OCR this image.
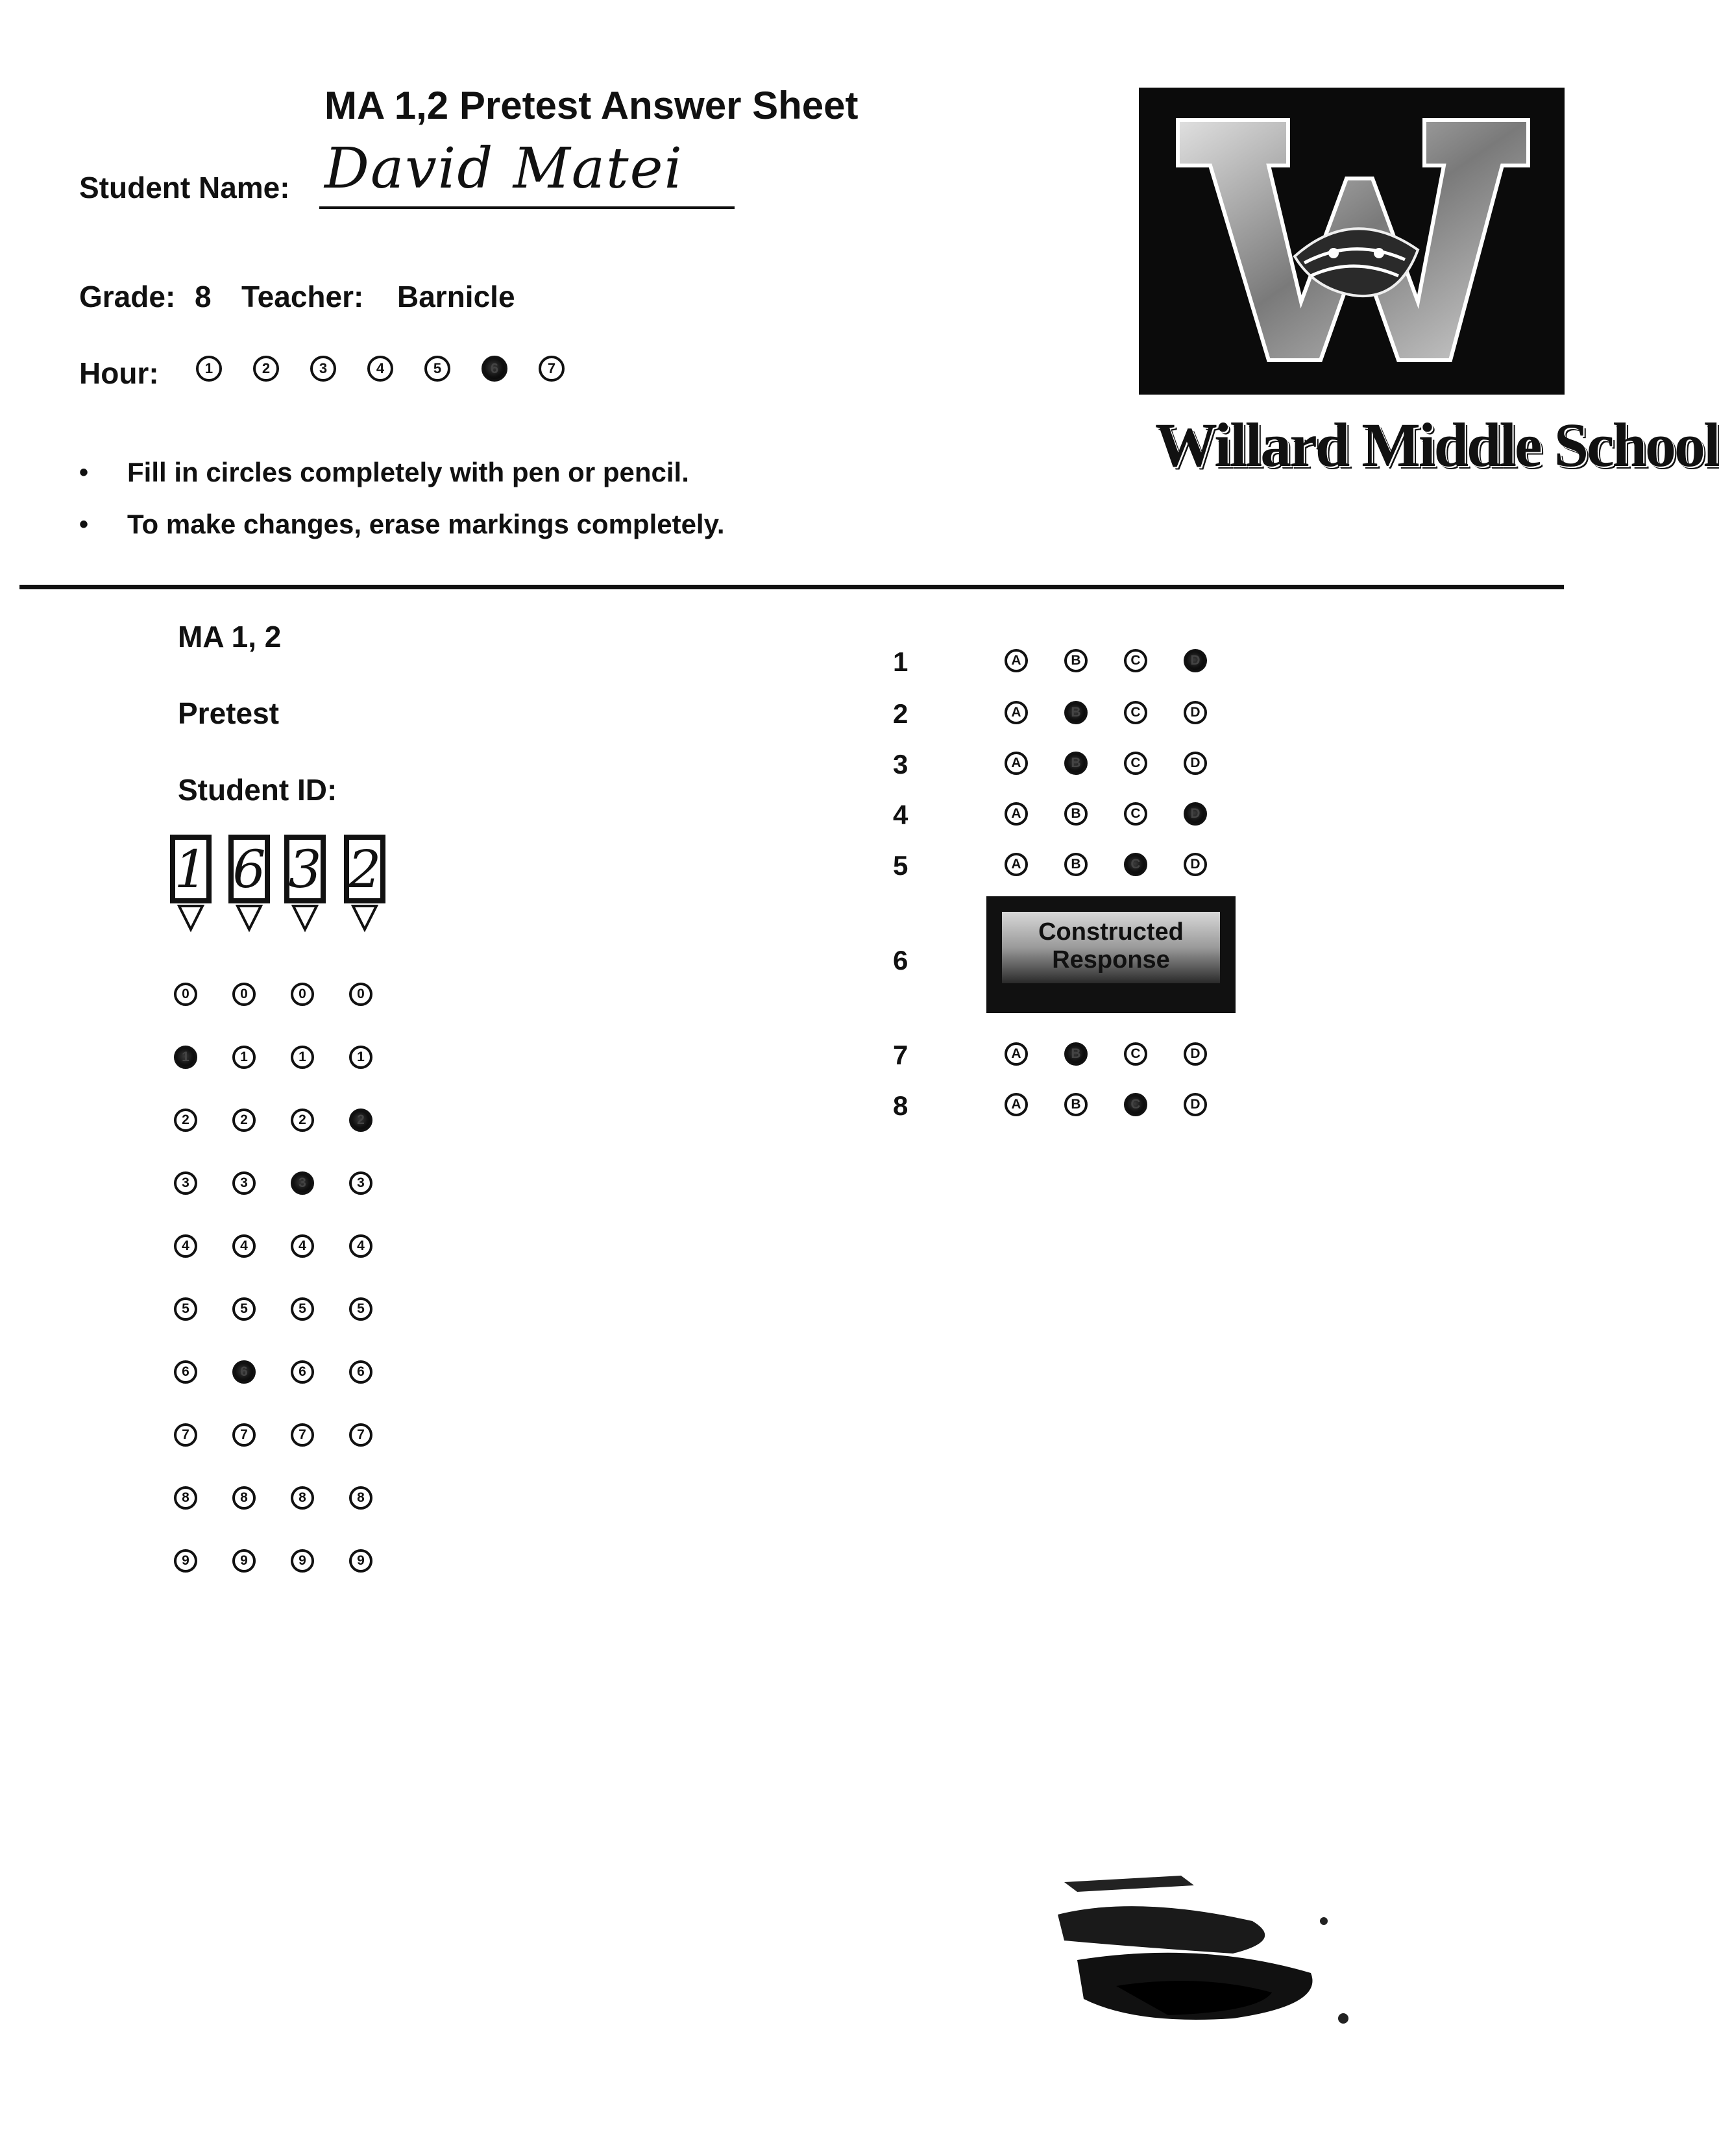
MA 1,2 Pretest Answer Sheet
Student Name: David Matei
Grade: 8 Teacher: Barnicle
Hour:
• Fill in circles completely with pen or pencil.
• To make changes, erase markings completely.
Willard Middle School
MA 1, 2
Pretest
Student ID:
Constructed Response
1	2	3	4	5	6	7
1 6 3 2
0	0	0	0
1	1	1	1
2	2	2	2
3	3	3	3
4	4	4	4
5	5	5	5
6	6	6	6
7	7	7	7
8	8	8	8
9	9	9	9
1	A	B	C	D
2	A	B	C	D
3	A	B	C	D
4	A	B	C	D
5	A	B	C	D
6
7	A	B	C	D
8	A	B	C	D
